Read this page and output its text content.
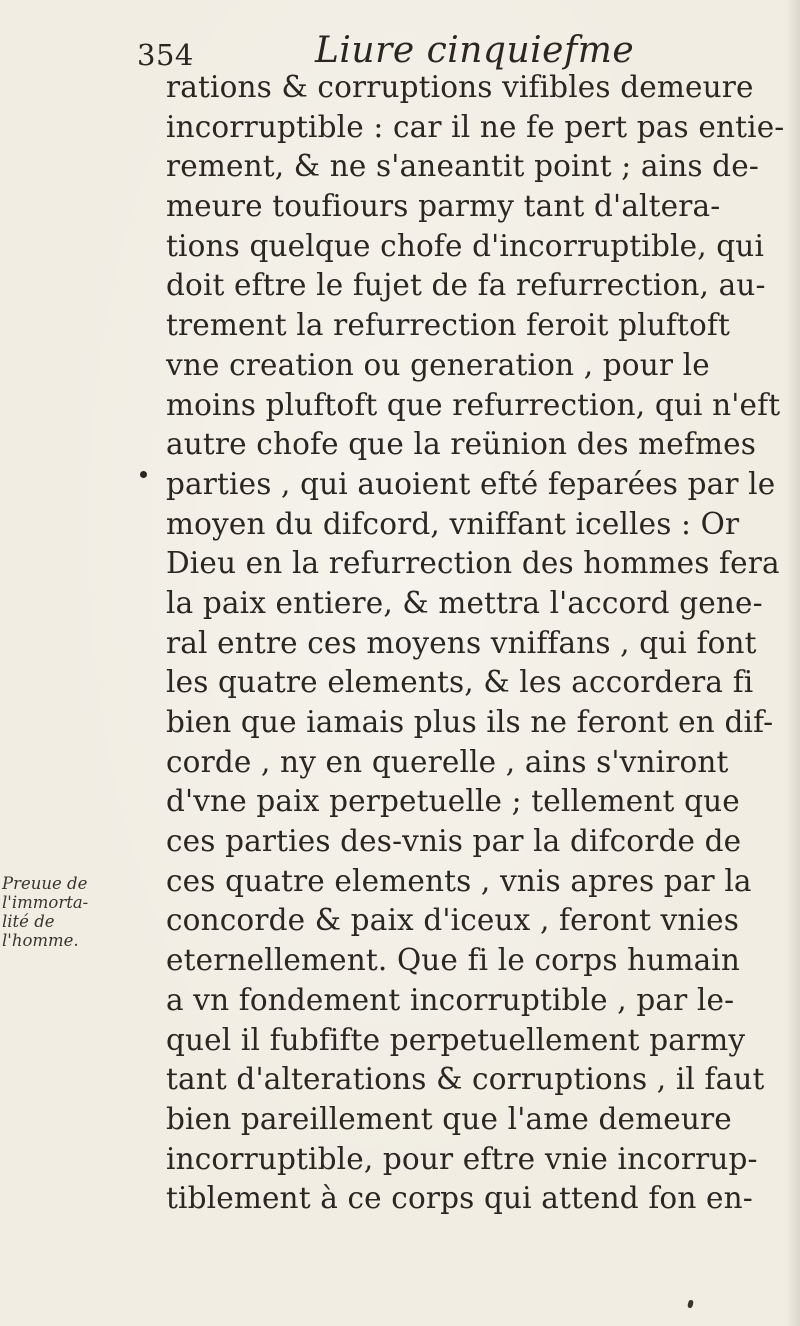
354	Liure cinquiefme
Preuue de
l'immorta-
lité de
l'homme.
rations & corruptions vifibles demeure
incorruptible : car il ne fe pert pas entie-
rement, & ne s'aneantit point ; ains de-
meure toufiours parmy tant d'altera-
tions quelque chofe d'incorruptible, qui
doit eftre le fujet de fa refurrection, au-
trement la refurrection feroit pluftoft
vne creation ou generation , pour le
moins pluftoft que refurrection, qui n'eft
autre chofe que la reünion des mefmes
parties , qui auoient efté feparées par le
moyen du difcord, vniffant icelles : Or
Dieu en la refurrection des hommes fera
la paix entiere, & mettra l'accord gene-
ral entre ces moyens vniffans , qui font
les quatre elements, & les accordera fi
bien que iamais plus ils ne feront en dif-
corde , ny en querelle , ains s'vniront
d'vne paix perpetuelle ; tellement que
ces parties des-vnis par la difcorde de
ces quatre elements , vnis apres par la
concorde & paix d'iceux , feront vnies
eternellement. Que fi le corps humain
a vn fondement incorruptible , par le-
quel il fubfifte perpetuellement parmy
tant d'alterations & corruptions , il faut
bien pareillement que l'ame demeure
incorruptible, pour eftre vnie incorrup-
tiblement à ce corps qui attend fon en-
